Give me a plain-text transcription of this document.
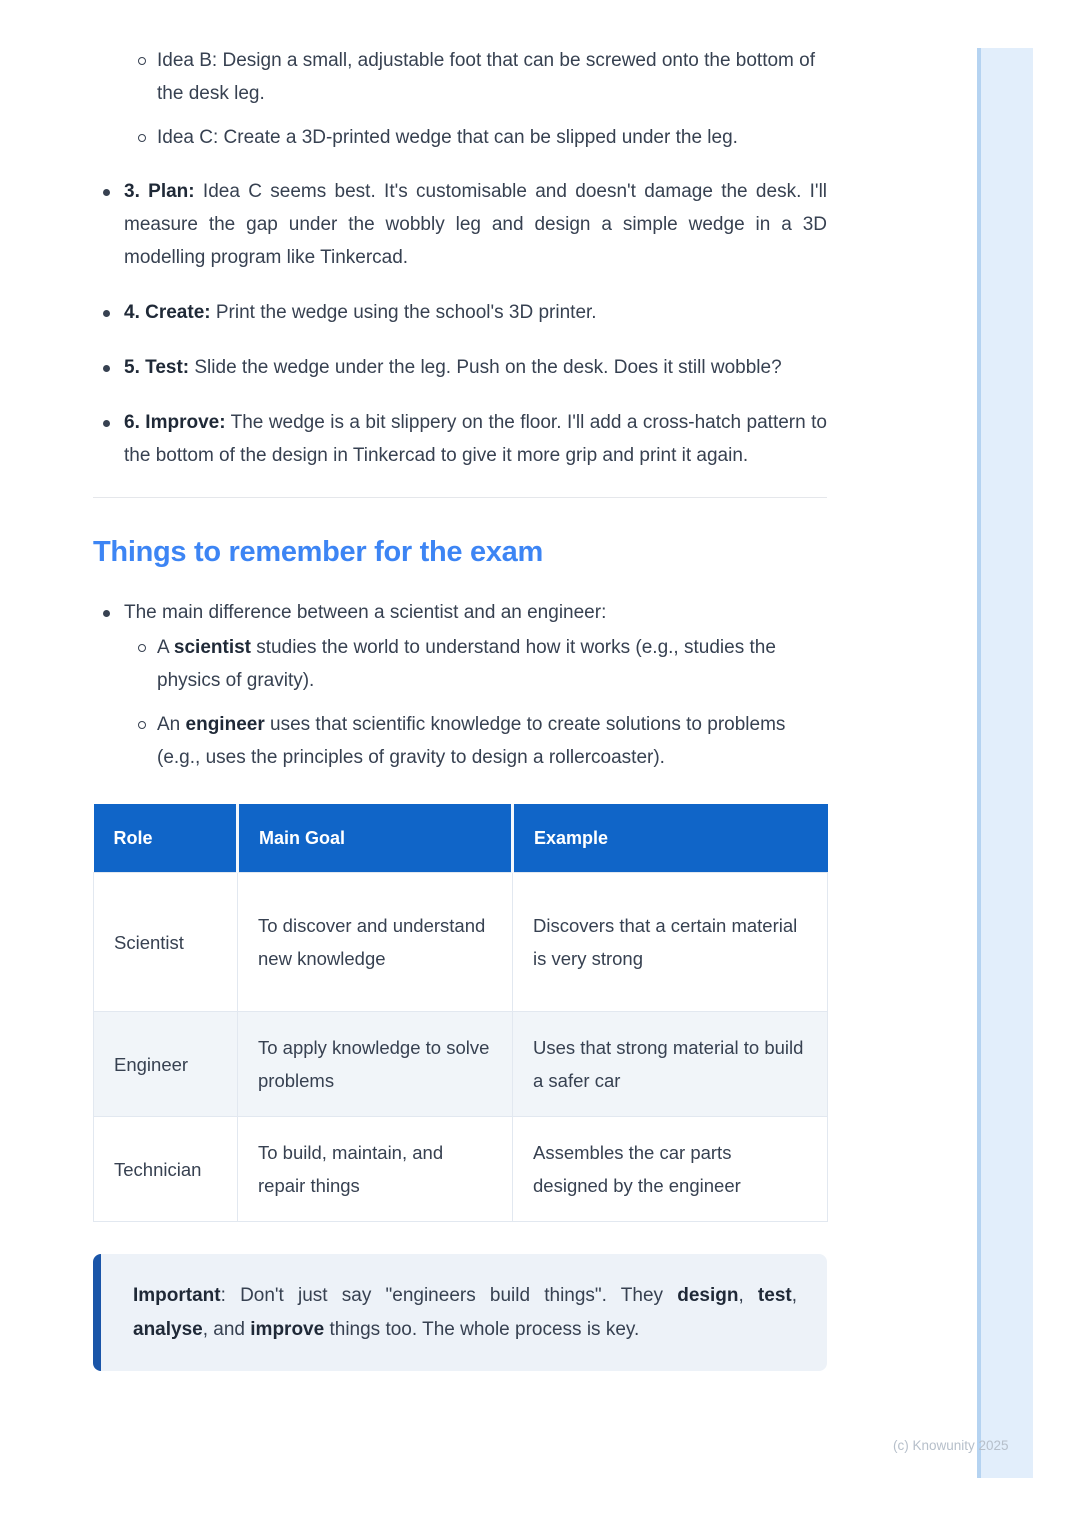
Idea B: Design a small, adjustable foot that can be screwed onto the bottom of the desk leg.

Idea C: Create a 3D-printed wedge that can be slipped under the leg.

3. Plan: Idea C seems best. It's customisable and doesn't damage the desk. I'll measure the gap under the wobbly leg and design a simple wedge in a 3D modelling program like Tinkercad.

4. Create: Print the wedge using the school's 3D printer.

5. Test: Slide the wedge under the leg. Push on the desk. Does it still wobble?

6. Improve: The wedge is a bit slippery on the floor. I'll add a cross-hatch pattern to the bottom of the design in Tinkercad to give it more grip and print it again.

Things to remember for the exam

The main difference between a scientist and an engineer:

A scientist studies the world to understand how it works (e.g., studies the physics of gravity).

An engineer uses that scientific knowledge to create solutions to problems (e.g., uses the principles of gravity to design a rollercoaster).

Role	Main Goal	Example
Scientist	To discover and understand new knowledge	Discovers that a certain material is very strong
Engineer	To apply knowledge to solve problems	Uses that strong material to build a safer car
Technician	To build, maintain, and repair things	Assembles the car parts designed by the engineer

Important: Don't just say "engineers build things". They design, test, analyse, and improve things too. The whole process is key.

(c) Knowunity 2025
